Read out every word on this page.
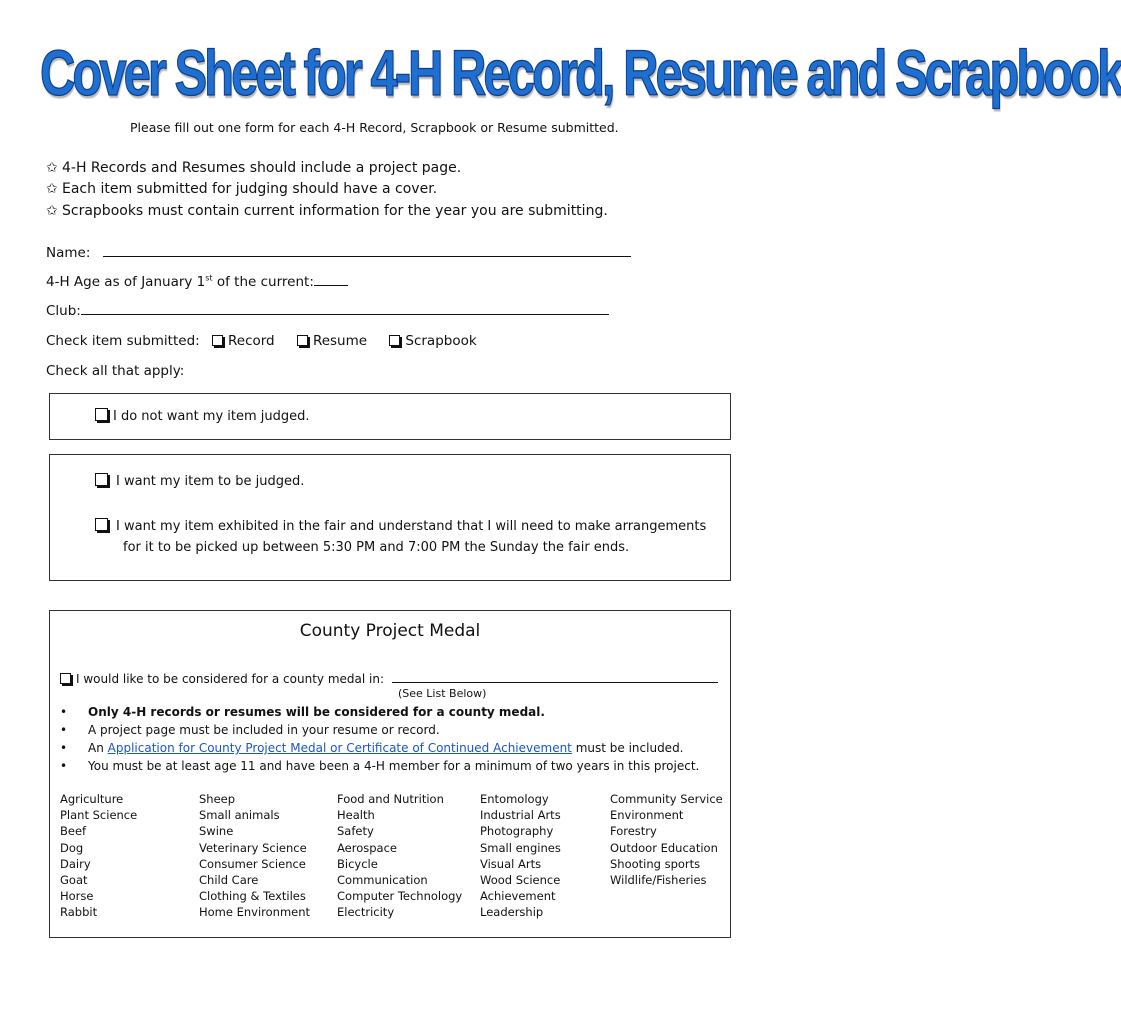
Cover Sheet for 4-H Record, Resume and Scrapbook
Please fill out one form for each 4-H Record, Scrapbook or Resume submitted.
✩ 4-H Records and Resumes should include a project page.
✩ Each item submitted for judging should have a cover.
✩ Scrapbooks must contain current information for the year you are submitting.
Name:
4-H Age as of January 1st of the current:
Club:
Check item submitted: Record	Resume	Scrapbook
Check all that apply:
I do not want my item judged.
I want my item to be judged.
I want my item exhibited in the fair and understand that I will need to make arrangements
for it to be picked up between 5:30 PM and 7:00 PM the Sunday the fair ends.
County Project Medal
I would like to be considered for a county medal in:
(See List Below)
• Only 4-H records or resumes will be considered for a county medal.
• A project page must be included in your resume or record.
• An Application for County Project Medal or Certificate of Continued Achievement must be included.
• You must be at least age 11 and have been a 4-H member for a minimum of two years in this project.
Agriculture
Plant Science
Beef
Dog
Dairy
Goat
Horse
Rabbit
Sheep
Small animals
Swine
Veterinary Science
Consumer Science
Child Care
Clothing & Textiles
Home Environment
Food and Nutrition
Health
Safety
Aerospace
Bicycle
Communication
Computer Technology
Electricity
Entomology
Industrial Arts
Photography
Small engines
Visual Arts
Wood Science
Achievement
Leadership
Community Service
Environment
Forestry
Outdoor Education
Shooting sports
Wildlife/Fisheries
